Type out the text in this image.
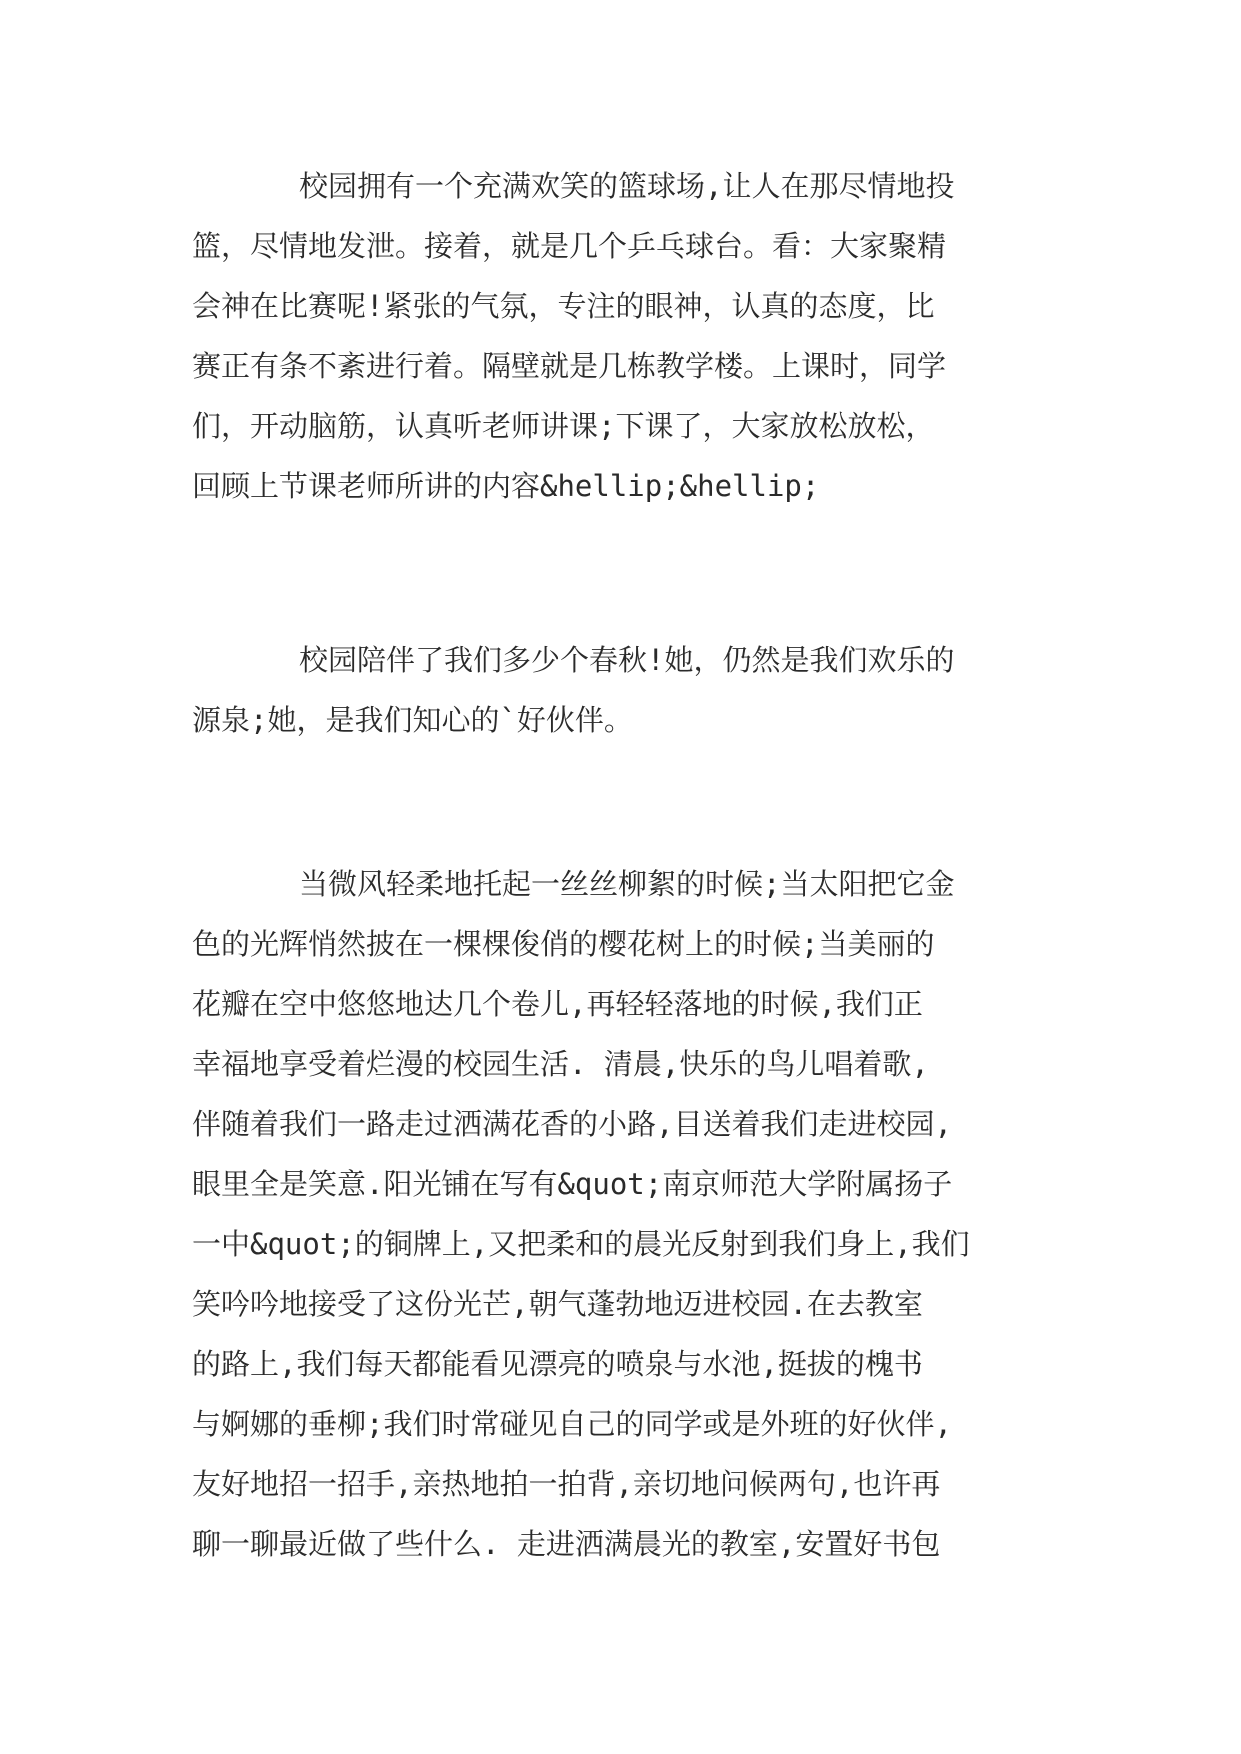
校园拥有一个充满欢笑的篮球场,让人在那尽情地投
篮，尽情地发泄。接着，就是几个乒乓球台。看：大家聚精
会神在比赛呢!紧张的气氛，专注的眼神，认真的态度，比
赛正有条不紊进行着。隔壁就是几栋教学楼。上课时，同学
们，开动脑筋，认真听老师讲课;下课了，大家放松放松，
回顾上节课老师所讲的内容&hellip;&hellip;
校园陪伴了我们多少个春秋!她，仍然是我们欢乐的
源泉;她，是我们知心的`好伙伴。
当微风轻柔地托起一丝丝柳絮的时候;当太阳把它金
色的光辉悄然披在一棵棵俊俏的樱花树上的时候;当美丽的
花瓣在空中悠悠地达几个卷儿,再轻轻落地的时候,我们正
幸福地享受着烂漫的校园生活. 清晨,快乐的鸟儿唱着歌,
伴随着我们一路走过洒满花香的小路,目送着我们走进校园,
眼里全是笑意.阳光铺在写有&quot;南京师范大学附属扬子
一中&quot;的铜牌上,又把柔和的晨光反射到我们身上,我们
笑吟吟地接受了这份光芒,朝气蓬勃地迈进校园.在去教室
的路上,我们每天都能看见漂亮的喷泉与水池,挺拔的槐书
与婀娜的垂柳;我们时常碰见自己的同学或是外班的好伙伴,
友好地招一招手,亲热地拍一拍背,亲切地问候两句,也许再
聊一聊最近做了些什么. 走进洒满晨光的教室,安置好书包
